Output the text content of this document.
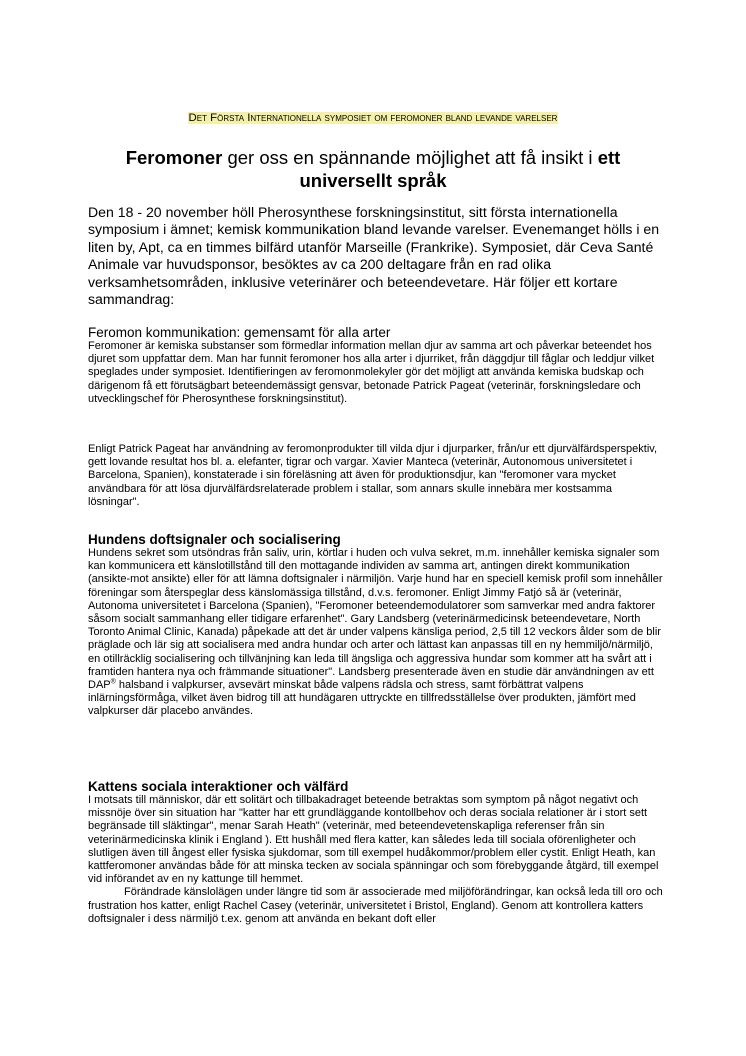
Det Första Internationella symposiet om feromoner bland levande varelser
Feromoner ger oss en spännande möjlighet att få insikt i ett universellt språk

Den 18 - 20 november höll Pherosynthese forskningsinstitut, sitt första internationella symposium i ämnet; kemisk kommunikation bland levande varelser. Evenemanget hölls i en liten by, Apt, ca en timmes bilfärd utanför Marseille (Frankrike). Symposiet, där Ceva Santé Animale var huvudsponsor, besöktes av ca 200 deltagare från en rad olika verksamhetsområden, inklusive veterinärer och beteendevetare. Här följer ett kortare sammandrag:

Feromon kommunikation: gemensamt för alla arter

Feromoner är kemiska substanser som förmedlar information mellan djur av samma art och påverkar beteendet hos djuret som uppfattar dem. Man har funnit feromoner hos alla arter i djurriket, från däggdjur till fåglar och leddjur vilket speglades under symposiet. Identifieringen av feromonmolekyler gör det möjligt att använda kemiska budskap och därigenom få ett förutsägbart beteendemässigt gensvar, betonade Patrick Pageat (veterinär, forskningsledare och utvecklingschef för Pherosynthese forskningsinstitut).

Enligt Patrick Pageat har användning av feromonprodukter till vilda djur i djurparker, från/ur ett djurvälfärdsperspektiv, gett lovande resultat hos bl. a. elefanter, tigrar och vargar. Xavier Manteca (veterinär, Autonomous universitetet i Barcelona, Spanien), konstaterade i sin föreläsning att även för produktionsdjur, kan "feromoner vara mycket användbara för att lösa djurvälfärdsrelaterade problem i stallar, som annars skulle innebära mer kostsamma lösningar".

Hundens doftsignaler och socialisering

Hundens sekret som utsöndras från saliv, urin, körtlar i huden och vulva sekret, m.m. innehåller kemiska signaler som kan kommunicera ett känslotillstånd till den mottagande individen av samma art, antingen direkt kommunikation (ansikte-mot ansikte) eller för att lämna doftsignaler i närmiljön. Varje hund har en speciell kemisk profil som innehåller föreningar som återspeglar dess känslomässiga tillstånd, d.v.s. feromoner. Enligt Jimmy Fatjó så är (veterinär, Autonoma universitetet i Barcelona (Spanien), "Feromoner beteendemodulatorer som samverkar med andra faktorer såsom socialt sammanhang eller tidigare erfarenhet". Gary Landsberg (veterinärmedicinsk beteendevetare, North Toronto Animal Clinic, Kanada) påpekade att det är under valpens känsliga period, 2,5 till 12 veckors ålder som de blir präglade och lär sig att socialisera med andra hundar och arter och lättast kan anpassas till en ny hemmiljö/närmiljö, en otillräcklig socialisering och tillvänjning kan leda till ängsliga och aggressiva hundar som kommer att ha svårt att i framtiden hantera nya och främmande situationer". Landsberg presenterade även en studie där användningen av ett DAP® halsband i valpkurser, avsevärt minskat både valpens rädsla och stress, samt förbättrat valpens inlärningsförmåga, vilket även bidrog till att hundägaren uttryckte en tillfredsställelse över produkten, jämfört med valpkurser där placebo användes.

Kattens sociala interaktioner och välfärd

I motsats till människor, där ett solitärt och tillbakadraget beteende betraktas som symptom på något negativt och missnöje över sin situation har "katter har ett grundläggande kontollbehov och deras sociala relationer är i stort sett begränsade till släktingar", menar Sarah Heath" (veterinär, med beteendevetenskapliga referenser från sin veterinärmedicinska klinik i England ). Ett hushåll med flera katter, kan således leda till sociala oförenligheter och slutligen även till ångest eller fysiska sjukdomar, som till exempel hudåkommor/problem eller cystit. Enligt Heath, kan kattferomoner användas både för att minska tecken av sociala spänningar och som förebyggande åtgärd, till exempel vid införandet av en ny kattunge till hemmet.

Förändrade känslolägen under längre tid som är associerade med miljöförändringar, kan också leda till oro och frustration hos katter, enligt Rachel Casey (veterinär, universitetet i Bristol, England). Genom att kontrollera katters doftsignaler i dess närmiljö t.ex. genom att använda en bekant doft eller
